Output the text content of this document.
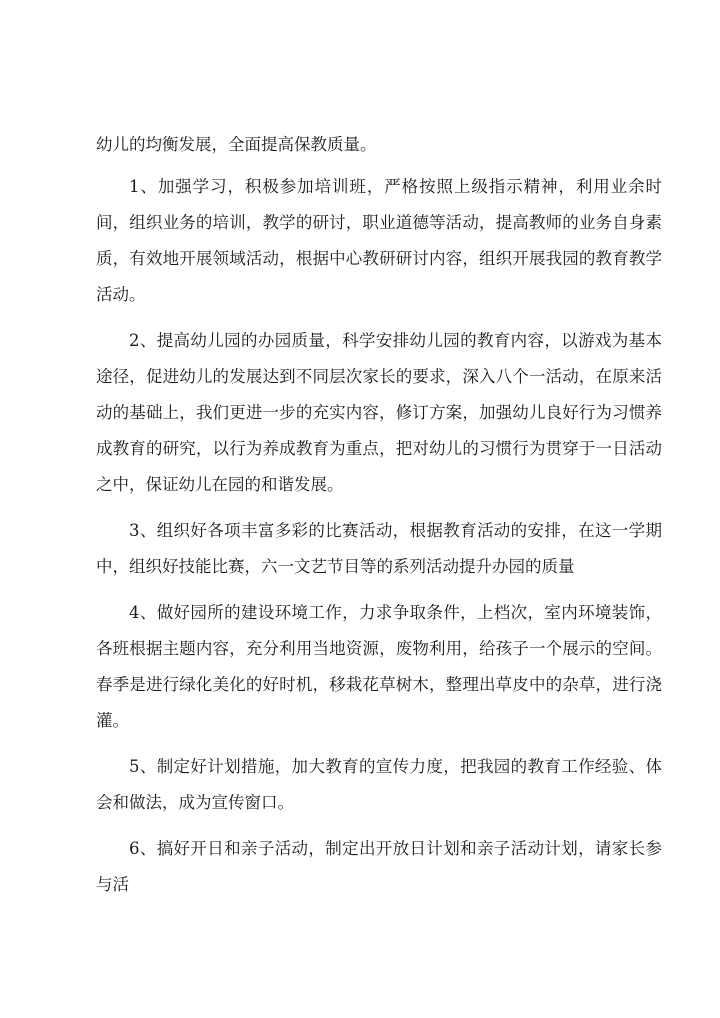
幼儿的均衡发展，全面提高保教质量。

1、加强学习，积极参加培训班，严格按照上级指示精神，利用业余时间，组织业务的培训，教学的研讨，职业道德等活动，提高教师的业务自身素质，有效地开展领域活动，根据中心教研研讨内容，组织开展我园的教育教学活动。

2、提高幼儿园的办园质量，科学安排幼儿园的教育内容，以游戏为基本途径，促进幼儿的发展达到不同层次家长的要求，深入八个一活动，在原来活动的基础上，我们更进一步的充实内容，修订方案，加强幼儿良好行为习惯养成教育的研究，以行为养成教育为重点，把对幼儿的习惯行为贯穿于一日活动之中，保证幼儿在园的和谐发展。

3、组织好各项丰富多彩的比赛活动，根据教育活动的安排，在这一学期中，组织好技能比赛，六一文艺节目等的系列活动提升办园的质量

4、做好园所的建设环境工作，力求争取条件，上档次，室内环境装饰，各班根据主题内容，充分利用当地资源，废物利用，给孩子一个展示的空间。春季是进行绿化美化的好时机，移栽花草树木，整理出草皮中的杂草，进行浇灌。

5、制定好计划措施，加大教育的宣传力度，把我园的教育工作经验、体会和做法，成为宣传窗口。

6、搞好开日和亲子活动，制定出开放日计划和亲子活动计划，请家长参与活
